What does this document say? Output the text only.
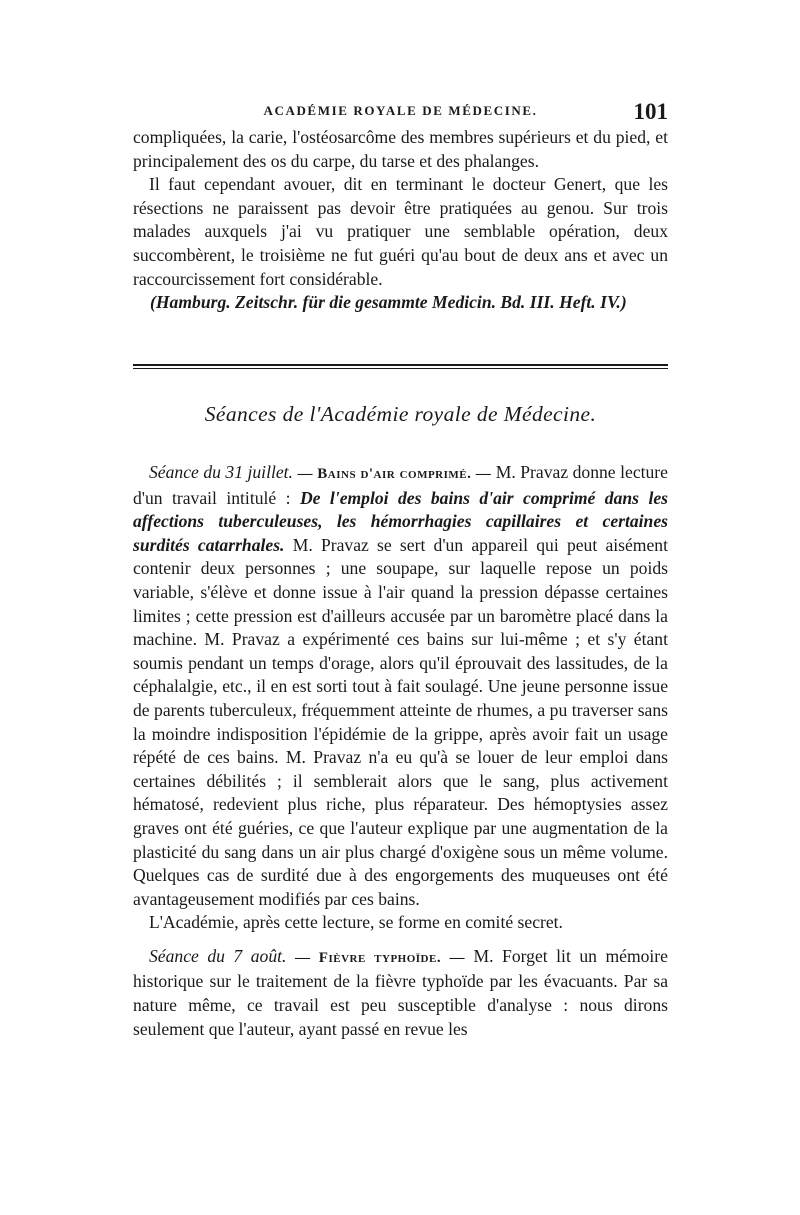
ACADÉMIE ROYALE DE MÉDECINE.	101

compliquées, la carie, l'ostéosarcôme des membres supérieurs et du pied, et principalement des os du carpe, du tarse et des phalanges.

Il faut cependant avouer, dit en terminant le docteur Genert, que les résections ne paraissent pas devoir être pratiquées au genou. Sur trois malades auxquels j'ai vu pratiquer une semblable opération, deux succombèrent, le troisième ne fut guéri qu'au bout de deux ans et avec un raccourcissement fort considérable.

(Hamburg. Zeitschr. für die gesammte Medicin. Bd. III. Heft. IV.)

Séances de l'Académie royale de Médecine.

Séance du 31 juillet. — Bains d'air comprimé. — M. Pravaz donne lecture d'un travail intitulé : De l'emploi des bains d'air comprimé dans les affections tuberculeuses, les hémorrhagies capillaires et certaines surdités catarrhales. M. Pravaz se sert d'un appareil qui peut aisément contenir deux personnes ; une soupape, sur laquelle repose un poids variable, s'élève et donne issue à l'air quand la pression dépasse certaines limites ; cette pression est d'ailleurs accusée par un baromètre placé dans la machine. M. Pravaz a expérimenté ces bains sur lui-même ; et s'y étant soumis pendant un temps d'orage, alors qu'il éprouvait des lassitudes, de la céphalalgie, etc., il en est sorti tout à fait soulagé. Une jeune personne issue de parents tuberculeux, fréquemment atteinte de rhumes, a pu traverser sans la moindre indisposition l'épidémie de la grippe, après avoir fait un usage répété de ces bains. M. Pravaz n'a eu qu'à se louer de leur emploi dans certaines débilités ; il semblerait alors que le sang, plus activement hématosé, redevient plus riche, plus réparateur. Des hémoptysies assez graves ont été guéries, ce que l'auteur explique par une augmentation de la plasticité du sang dans un air plus chargé d'oxigène sous un même volume. Quelques cas de surdité due à des engorgements des muqueuses ont été avantageusement modifiés par ces bains.

L'Académie, après cette lecture, se forme en comité secret.

Séance du 7 août. — Fièvre typhoïde. — M. Forget lit un mémoire historique sur le traitement de la fièvre typhoïde par les évacuants. Par sa nature même, ce travail est peu susceptible d'analyse : nous dirons seulement que l'auteur, ayant passé en revue les
